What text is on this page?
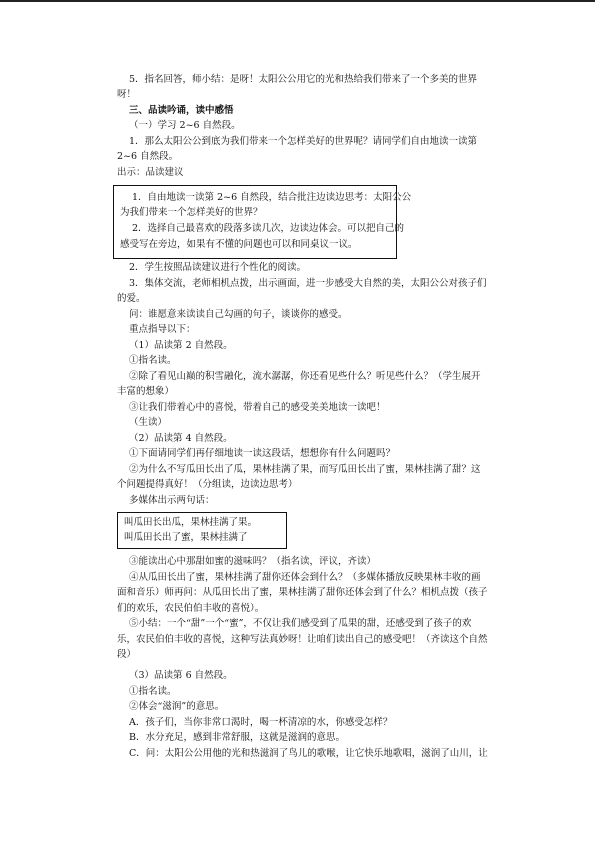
5．指名回答，师小结：是呀！太阳公公用它的光和热给我们带来了一个多美的世界
呀！
三、品读吟诵，读中感悟
（一）学习 2~6 自然段。
1．那么太阳公公到底为我们带来一个怎样美好的世界呢？请同学们自由地读一读第
2~6 自然段。
出示：品读建议
1．自由地读一读第 2~6 自然段，结合批注边读边思考：太阳公公
为我们带来一个怎样美好的世界？
2．选择自己最喜欢的段落多读几次，边读边体会。可以把自己的
感受写在旁边，如果有不懂的问题也可以和同桌议一议。
2．学生按照品读建议进行个性化的阅读。
3．集体交流，老师相机点拨，出示画面，进一步感受大自然的美，太阳公公对孩子们
的爱。
问：谁愿意来读读自己勾画的句子，谈谈你的感受。
重点指导以下：
（1）品读第 2 自然段。
①指名读。
②除了看见山巅的积雪融化，流水潺潺，你还看见些什么？听见些什么？（学生展开
丰富的想象）
③让我们带着心中的喜悦，带着自己的感受美美地读一读吧！
（生读）
（2）品读第 4 自然段。
①下面请同学们再仔细地读一读这段话，想想你有什么问题吗？
②为什么不写瓜田长出了瓜，果林挂满了果，而写瓜田长出了蜜，果林挂满了甜？这
个问题提得真好！（分组读，边读边思考）
多媒体出示两句话：
叫瓜田长出瓜，果林挂满了果。
叫瓜田长出了蜜，果林挂满了
③能读出心中那甜如蜜的滋味吗？（指名读，评议，齐读）
④从瓜田长出了蜜，果林挂满了甜你还体会到什么？（多媒体播放反映果林丰收的画
面和音乐）师再问：从瓜田长出了蜜，果林挂满了甜你还体会到了什么？相机点拨（孩子
们的欢乐，农民伯伯丰收的喜悦）。
⑤小结：一个“甜”一个“蜜”，不仅让我们感受到了瓜果的甜，还感受到了孩子的欢
乐，农民伯伯丰收的喜悦，这种写法真妙呀！让咱们读出自己的感受吧！（齐读这个自然
段）
（3）品读第 6 自然段。
①指名读。
②体会“滋润”的意思。
A．孩子们，当你非常口渴时，喝一杯清凉的水，你感受怎样？
B．水分充足，感到非常舒服，这就是滋润的意思。
C．问：太阳公公用他的光和热滋润了鸟儿的歌喉，让它快乐地歌唱，滋润了山川，让
